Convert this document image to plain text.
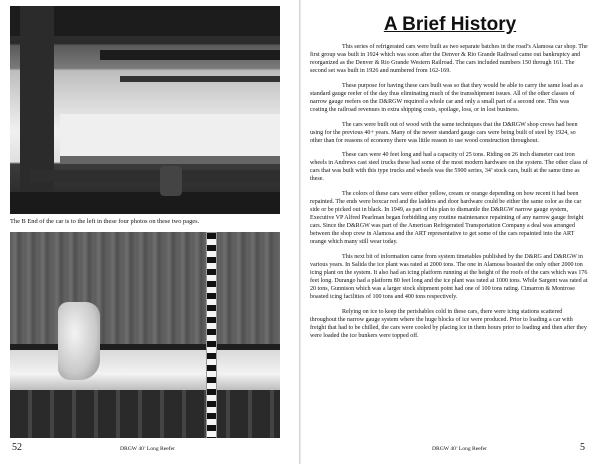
The B End of the car is to the left in these four photos on these two pages.
52	DRGW 40’ Long Reefer
A Brief History

This series of refrigerated cars were built as two separate batches in the road’s Alamosa car shop. The first group was built in 1924 which was soon after the Denver & Rio Grande Railroad came out bankruptcy and reorganized as the Denver & Rio Grande Western Railroad. The cars included numbers 150 through 161. The second set was built in 1926 and numbered from 162-169.

These purpose for having these cars built was so that they would be able to carry the same load as a standard gauge reefer of the day thus eliminating much of the transshipment issues. All of the other classes of narrow gauge reefers on the D&RGW required a whole car and only a small part of a second one. This was costing the railroad revenues in extra shipping costs, spoilage, loss, or in lost business.

The cars were built out of wood with the same techniques that the D&RGW shop crews had been using for the previous 40+ years. Many of the newer standard gauge cars were being built of steel by 1924, so other than for reasons of economy there was little reason to use wood construction throughout.

These cars were 40 feet long and had a capacity of 25 tons. Riding on 26 inch diameter cast iron wheels in Andrews cast steel trucks these had some of the most modern hardware on the system. The other class of cars that was built with this type trucks and wheels was the 5900 series, 34’ stock cars, built at the same time as these.

The colors of these cars were either yellow, cream or orange depending on how recent it had been repainted. The ends were boxcar red and the ladders and door hardware could be either the same color as the car side or be picked out in black. In 1949, as part of his plan to dismantle the D&RGW narrow gauge system, Executive VP Alfred Pearlman began forbidding any routine maintenance repainting of any narrow gauge freight cars. Since the D&RGW was part of the American Refrigerated Transportation Company a deal was arranged between the shop crew in Alamosa and the ART representative to get some of the cars repainted into the ART orange which many still wear today.

This next bit of information came from system timetables published by the D&RG and D&RGW in various years. In Salida the ice plant was rated at 2000 tons. The one in Alamosa boasted the only other 2000 ton icing plant on the system. It also had an icing platform running at the height of the roofs of the cars which was 176 feet long. Durango had a platform 80 feet long and the ice plant was rated at 1000 tons. While Sargent was rated at 20 tons, Gunnison which was a larger stock shipment point had one of 100 tons rating. Cimarron & Montrose boasted icing facilities of 100 tons and 400 tons respectively.

Relying on ice to keep the perishables cold in these cars, there were icing stations scattered throughout the narrow gauge system where the huge blocks of ice were produced. Prior to loading a car with freight that had to be chilled, the cars were cooled by placing ice in them hours prior to loading and then after they were loaded the ice bunkers were topped off.

DRGW 40’ Long Reefer	5
